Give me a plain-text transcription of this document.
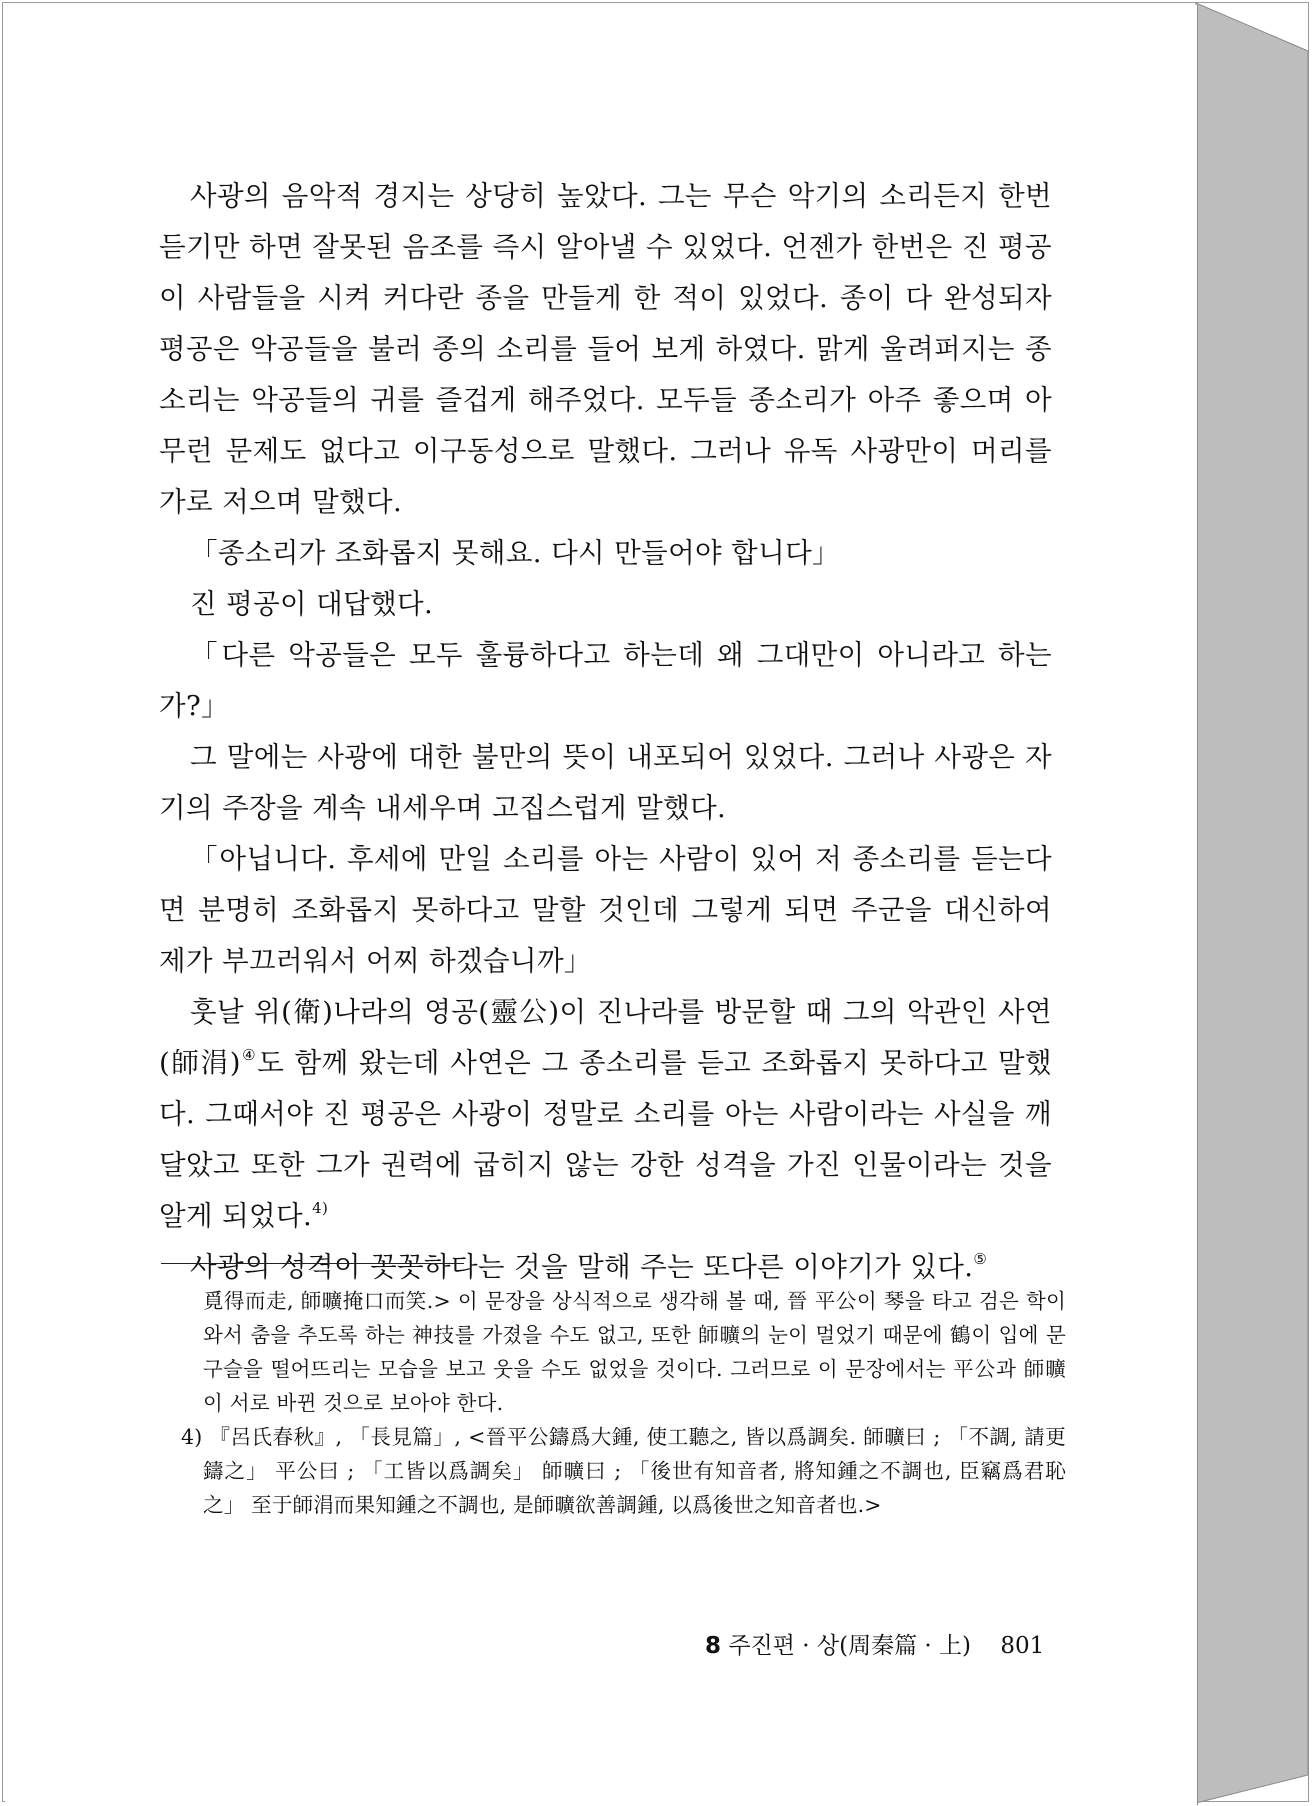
사광의 음악적 경지는 상당히 높았다. 그는 무슨 악기의 소리든지 한번 듣기만 하면 잘못된 음조를 즉시 알아낼 수 있었다. 언젠가 한번은 진 평공이 사람들을 시켜 커다란 종을 만들게 한 적이 있었다. 종이 다 완성되자 평공은 악공들을 불러 종의 소리를 들어 보게 하였다. 맑게 울려퍼지는 종소리는 악공들의 귀를 즐겁게 해주었다. 모두들 종소리가 아주 좋으며 아무런 문제도 없다고 이구동성으로 말했다. 그러나 유독 사광만이 머리를 가로 저으며 말했다.

「종소리가 조화롭지 못해요. 다시 만들어야 합니다」

진 평공이 대답했다.

「다른 악공들은 모두 훌륭하다고 하는데 왜 그대만이 아니라고 하는가?」

그 말에는 사광에 대한 불만의 뜻이 내포되어 있었다. 그러나 사광은 자기의 주장을 계속 내세우며 고집스럽게 말했다.

「아닙니다. 후세에 만일 소리를 아는 사람이 있어 저 종소리를 듣는다면 분명히 조화롭지 못하다고 말할 것인데 그렇게 되면 주군을 대신하여 제가 부끄러워서 어찌 하겠습니까」

훗날 위(衛)나라의 영공(靈公)이 진나라를 방문할 때 그의 악관인 사연(師涓)④도 함께 왔는데 사연은 그 종소리를 듣고 조화롭지 못하다고 말했다. 그때서야 진 평공은 사광이 정말로 소리를 아는 사람이라는 사실을 깨달았고 또한 그가 권력에 굽히지 않는 강한 성격을 가진 인물이라는 것을 알게 되었다.$^{4)}$

사광의 성격이 꼿꼿하다는 것을 말해 주는 또다른 이야기가 있다.⑤

覓得而走, 師曠掩口而笑.> 이 문장을 상식적으로 생각해 볼 때, 晉 平公이 琴을 타고 검은 학이 와서 춤을 추도록 하는 神技를 가졌을 수도 없고, 또한 師曠의 눈이 멀었기 때문에 鶴이 입에 문 구슬을 떨어뜨리는 모습을 보고 웃을 수도 없었을 것이다. 그러므로 이 문장에서는 平公과 師曠이 서로 바뀐 것으로 보아야 한다.

4) 『呂氏春秋』, 「長見篇」, <晉平公鑄爲大鍾, 使工聽之, 皆以爲調矣. 師曠曰 ; 「不調, 請更鑄之」 平公曰 ; 「工皆以爲調矣」 師曠曰 ; 「後世有知音者, 將知鍾之不調也, 臣竊爲君恥之」 至于師涓而果知鍾之不調也, 是師曠欲善調鍾, 以爲後世之知音者也.>

8 주진편 · 상(周秦篇 · 上) 801
